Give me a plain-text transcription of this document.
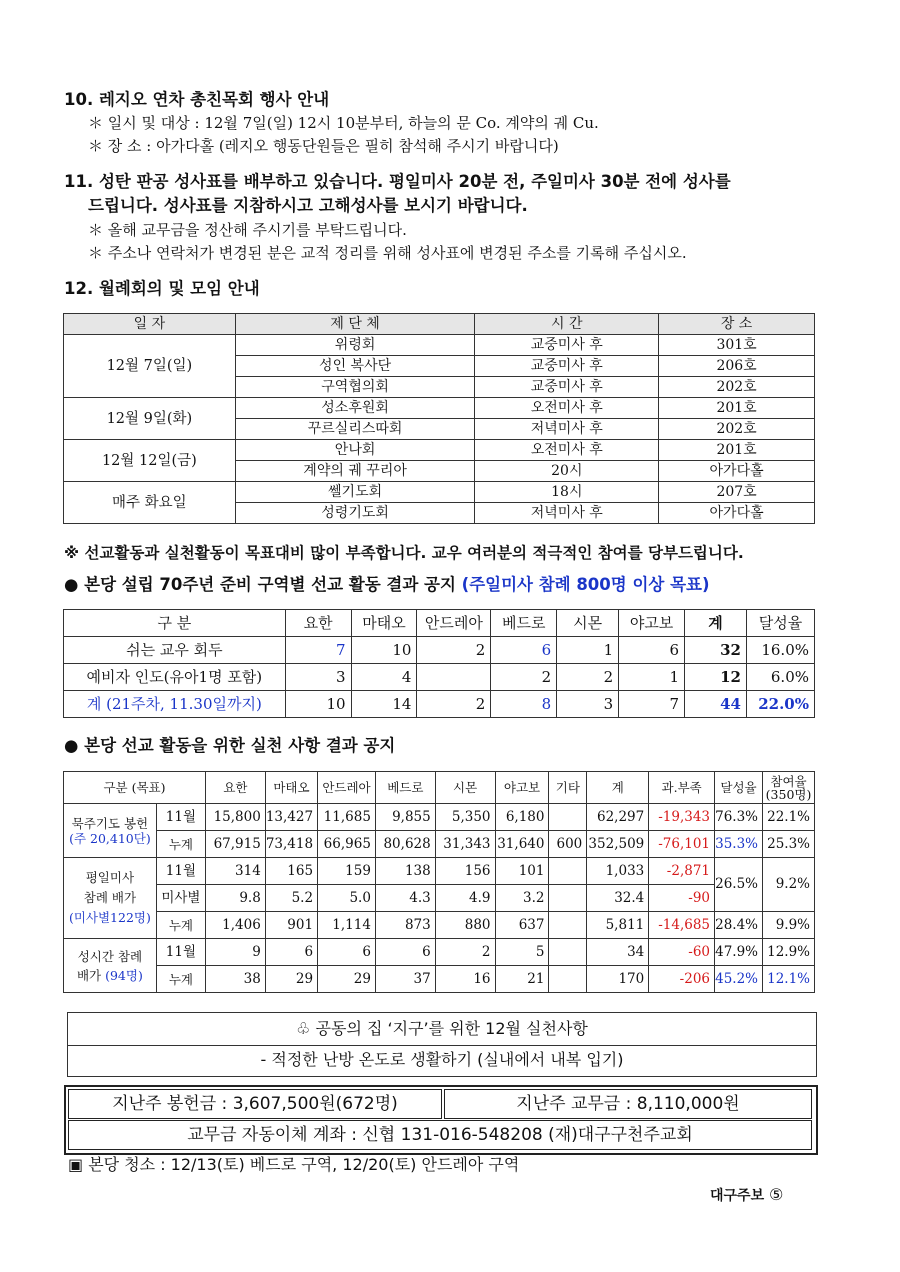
10. 레지오 연차 총친목회 행사 안내
＊ 일시 및 대상 : 12월 7일(일) 12시 10분부터, 하늘의 문 Co. 계약의 궤 Cu.
＊ 장 소 : 아가다홀 (레지오 행동단원들은 필히 참석해 주시기 바랍니다)
11. 성탄 판공 성사표를 배부하고 있습니다. 평일미사 20분 전, 주일미사 30분 전에 성사를
드립니다. 성사표를 지참하시고 고해성사를 보시기 바랍니다.
＊ 올해 교무금을 정산해 주시기를 부탁드립니다.
＊ 주소나 연락처가 변경된 분은 교적 정리를 위해 성사표에 변경된 주소를 기록해 주십시오.
12. 월례회의 및 모임 안내
일 자	제 단 체	시 간	장 소
12월 7일(일)	위령회	교중미사 후	301호
	성인 복사단	교중미사 후	206호
	구역협의회	교중미사 후	202호
12월 9일(화)	성소후원회	오전미사 후	201호
	꾸르실리스따회	저녁미사 후	202호
12월 12일(금)	안나회	오전미사 후	201호
	계약의 궤 꾸리아	20시	아가다홀
매주 화요일	쎌기도회	18시	207호
	성령기도회	저녁미사 후	아가다홀
※ 선교활동과 실천활동이 목표대비 많이 부족합니다. 교우 여러분의 적극적인 참여를 당부드립니다.
● 본당 설립 70주년 준비 구역별 선교 활동 결과 공지 (주일미사 참례 800명 이상 목표)
구 분	요한	마태오	안드레아	베드로	시몬	야고보	계	달성율
쉬는 교우 회두	7	10	2	6	1	6	32	16.0%
예비자 인도(유아1명 포함)	3	4		2	2	1	12	6.0%
계 (21주차, 11.30일까지)	10	14	2	8	3	7	44	22.0%
● 본당 선교 활동을 위한 실천 사항 결과 공지
구분 (목표)		요한	마태오	안드레아	베드로	시몬	야고보	기타	계	과.부족	달성율	참여율
(350명)
묵주기도 봉헌
(주 20,410단)	11월	15,800	13,427	11,685	9,855	5,350	6,180		62,297	-19,343	76.3%	22.1%
	누계	67,915	73,418	66,965	80,628	31,343	31,640	600	352,509	-76,101	35.3%	25.3%
평일미사
참례 배가
(미사별122명)	11월	314	165	159	138	156	101		1,033	-2,871	26.5%	9.2%
	미사별	9.8	5.2	5.0	4.3	4.9	3.2		32.4	-90		
	누계	1,406	901	1,114	873	880	637		5,811	-14,685	28.4%	9.9%
성시간 참례
배가 (94명)	11월	9	6	6	6	2	5		34	-60	47.9%	12.9%
	누계	38	29	29	37	16	21		170	-206	45.2%	12.1%
♧ 공동의 집 ‘지구’를 위한 12월 실천사항
- 적정한 난방 온도로 생활하기 (실내에서 내복 입기)
지난주 봉헌금 : 3,607,500원(672명)	지난주 교무금 : 8,110,000원
교무금 자동이체 계좌 : 신협 131-016-548208 (재)대구구천주교회
▣ 본당 청소 : 12/13(토) 베드로 구역, 12/20(토) 안드레아 구역
대구주보 ⑤
